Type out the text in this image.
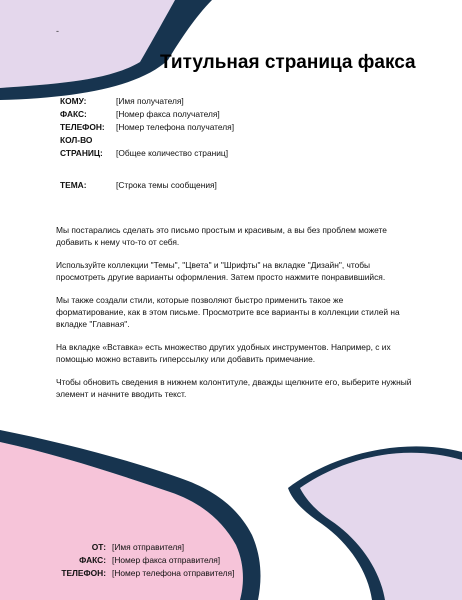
-
Титульная страница факса
КОМУ:	[Имя получателя]
ФАКС:	[Номер факса получателя]
ТЕЛЕФОН: [Номер телефона получателя]
КОЛ-ВО
СТРАНИЦ: [Общее количество страниц]
ТЕМА:	[Строка темы сообщения]

Мы постарались сделать это письмо простым и красивым, а вы без проблем можете добавить к нему что-то от себя.

Используйте коллекции "Темы", "Цвета" и "Шрифты" на вкладке "Дизайн", чтобы просмотреть другие варианты оформления. Затем просто нажмите понравившийся.

Мы также создали стили, которые позволяют быстро применить такое же форматирование, как в этом письме. Просмотрите все варианты в коллекции стилей на вкладке "Главная".

На вкладке «Вставка» есть множество других удобных инструментов. Например, с их помощью можно вставить гиперссылку или добавить примечание.

Чтобы обновить сведения в нижнем колонтитуле, дважды щелкните его, выберите нужный элемент и начните вводить текст.

ОТ: [Имя отправителя]
ФАКС: [Номер факса отправителя]
ТЕЛЕФОН: [Номер телефона отправителя]
